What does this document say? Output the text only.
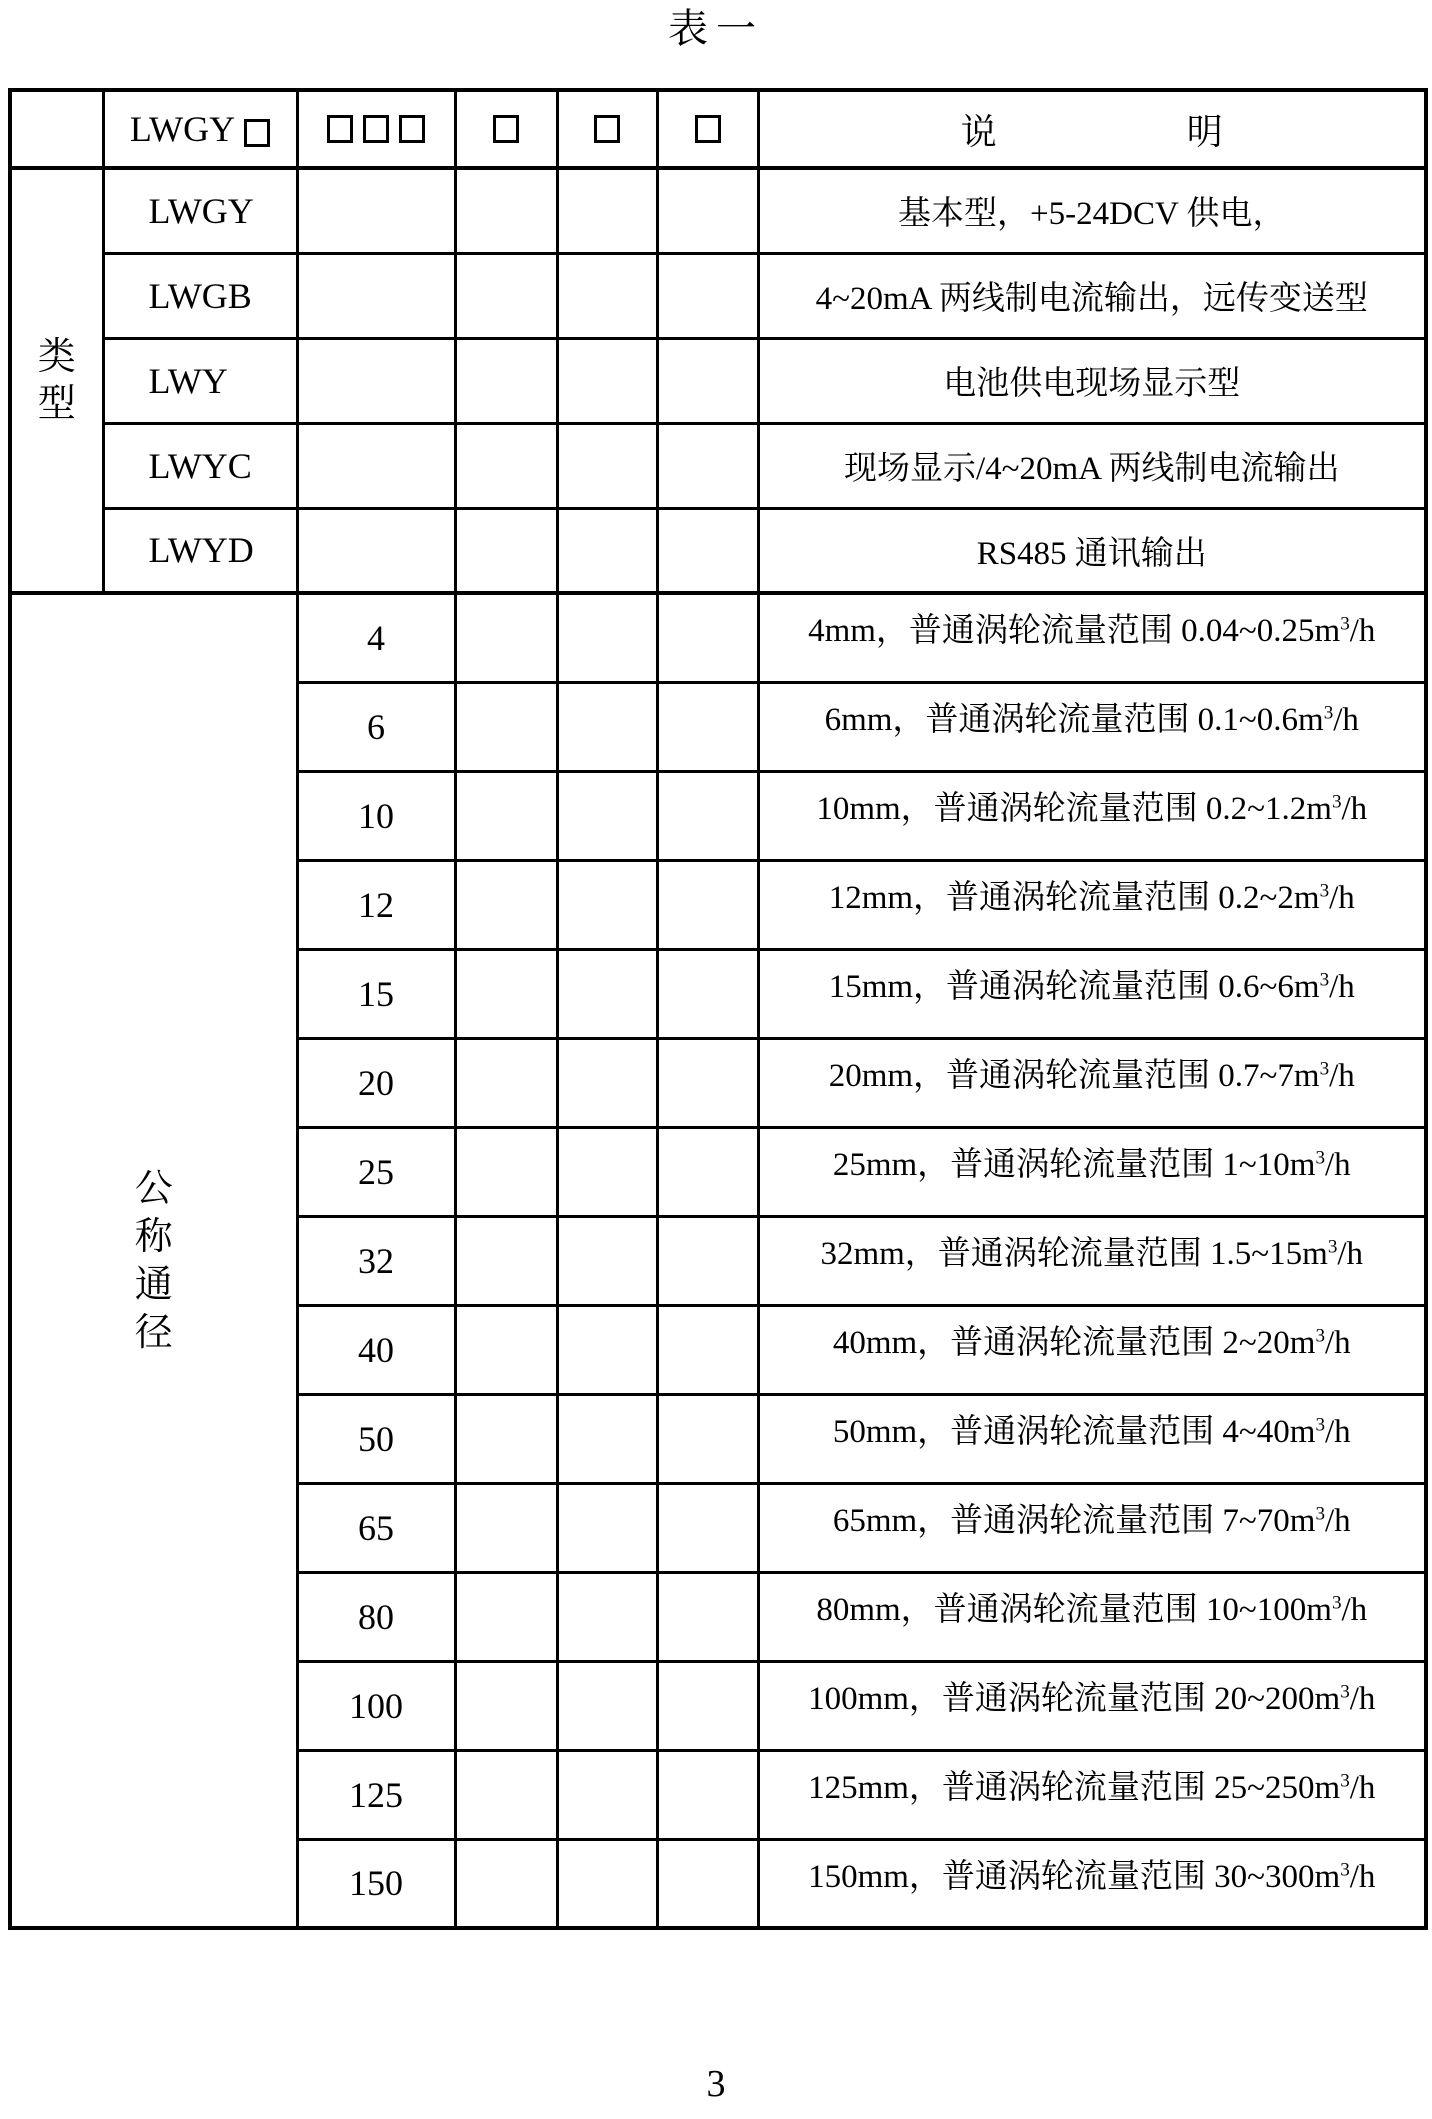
表一
	LWGY					说 明

类型	LWGY					基本型，+5-24DCV 供电，
	LWGB					4~20mA 两线制电流输出，远传变送型
	LWY					电池供电现场显示型
	LWYC					现场显示/4~20mA 两线制电流输出
	LWYD					RS485 通讯输出
公称通径		4				4mm，普通涡轮流量范围 $0.04\sim 0.25m^3/h$
		6				6mm，普通涡轮流量范围 $0.1\sim 0.6m^3/h$
		10				10mm，普通涡轮流量范围 $0.2\sim 1.2m^3/h$
		12				12mm，普通涡轮流量范围 $0.2\sim 2m^3/h$
		15				15mm，普通涡轮流量范围 $0.6\sim 6m^3/h$
		20				20mm，普通涡轮流量范围 $0.7\sim 7m^3/h$
		25				25mm，普通涡轮流量范围 $1\sim 10m^3/h$
		32				32mm，普通涡轮流量范围 $1.5\sim 15m^3/h$
		40				40mm，普通涡轮流量范围 $2\sim 20m^3/h$
		50				50mm，普通涡轮流量范围 $4\sim 40m^3/h$
		65				65mm，普通涡轮流量范围 $7\sim 70m^3/h$
		80				80mm，普通涡轮流量范围 $10\sim 100m^3/h$
		100				100mm，普通涡轮流量范围 $20\sim 200m^3/h$
		125				125mm，普通涡轮流量范围 $25\sim 250m^3/h$
		150				150mm，普通涡轮流量范围 $30\sim 300m^3/h$
3
